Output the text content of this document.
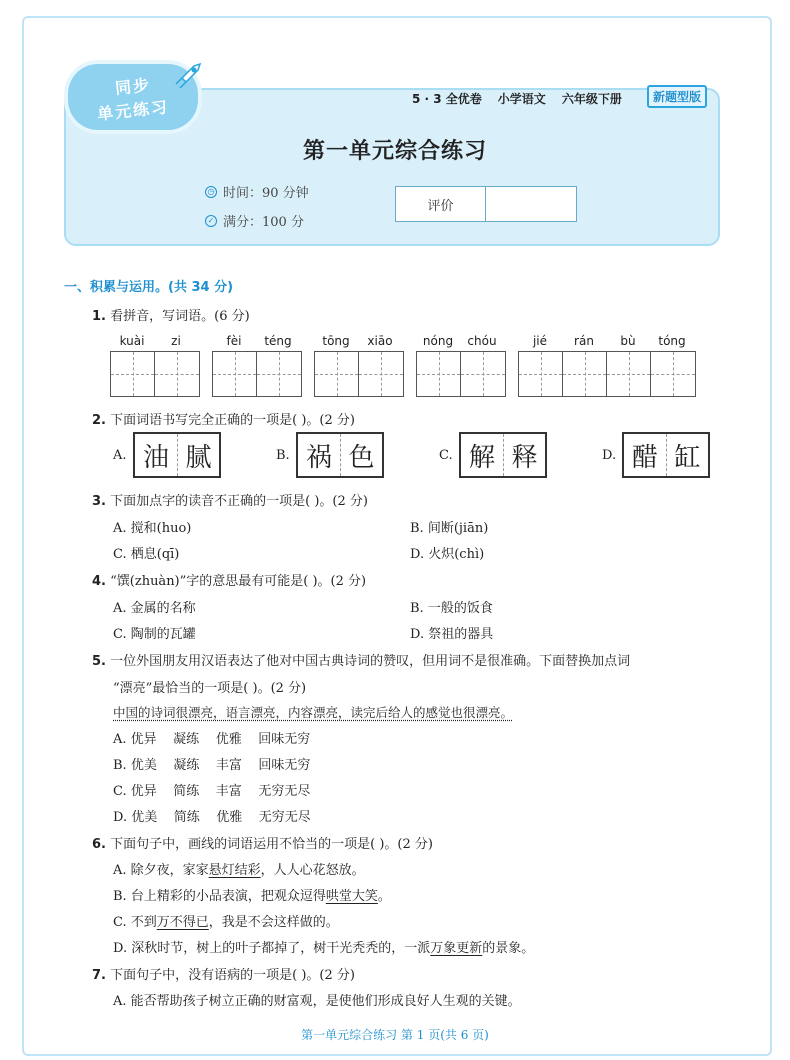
同步
单元练习	5 · 3 全优卷 小学语文 六年级下册	新题型版
第一单元综合练习
◷ 时间：90 分钟
✓ 满分：100 分
评价
一、积累与运用。(共 34 分)
1. 看拼音，写词语。(6 分)
kuài	zi	fèi	téng	tōng	xiāo	nóng	chóu	jié	rán	bù	tóng
2. 下面词语书写完全正确的一项是( )。(2 分)
A. 油 腻	B. 祸 色	C. 解 释	D. 醋 缸
3. 下面加点字的读音不正确的一项是( )。(2 分)
A. 搅和(huo)	B. 间断(jiān)
C. 栖息(qī)	D. 火炽(chì)
4. “馔(zhuàn)”字的意思最有可能是( )。(2 分)
A. 金属的名称	B. 一般的饭食
C. 陶制的瓦罐	D. 祭祖的器具
5. 一位外国朋友用汉语表达了他对中国古典诗词的赞叹，但用词不是很准确。下面替换加点词
“漂亮”最恰当的一项是( )。(2 分)
中国的诗词很漂亮，语言漂亮，内容漂亮，读完后给人的感觉也很漂亮。
A. 优异    凝练    优雅    回味无穷
B. 优美    凝练    丰富    回味无穷
C. 优异    简练    丰富    无穷无尽
D. 优美    简练    优雅    无穷无尽
6. 下面句子中，画线的词语运用不恰当的一项是( )。(2 分)
A. 除夕夜，家家悬灯结彩，人人心花怒放。
B. 台上精彩的小品表演，把观众逗得哄堂大笑。
C. 不到万不得已，我是不会这样做的。
D. 深秋时节，树上的叶子都掉了，树干光秃秃的，一派万象更新的景象。
7. 下面句子中，没有语病的一项是( )。(2 分)
A. 能否帮助孩子树立正确的财富观，是使他们形成良好人生观的关键。
第一单元综合练习 第 1 页(共 6 页)
